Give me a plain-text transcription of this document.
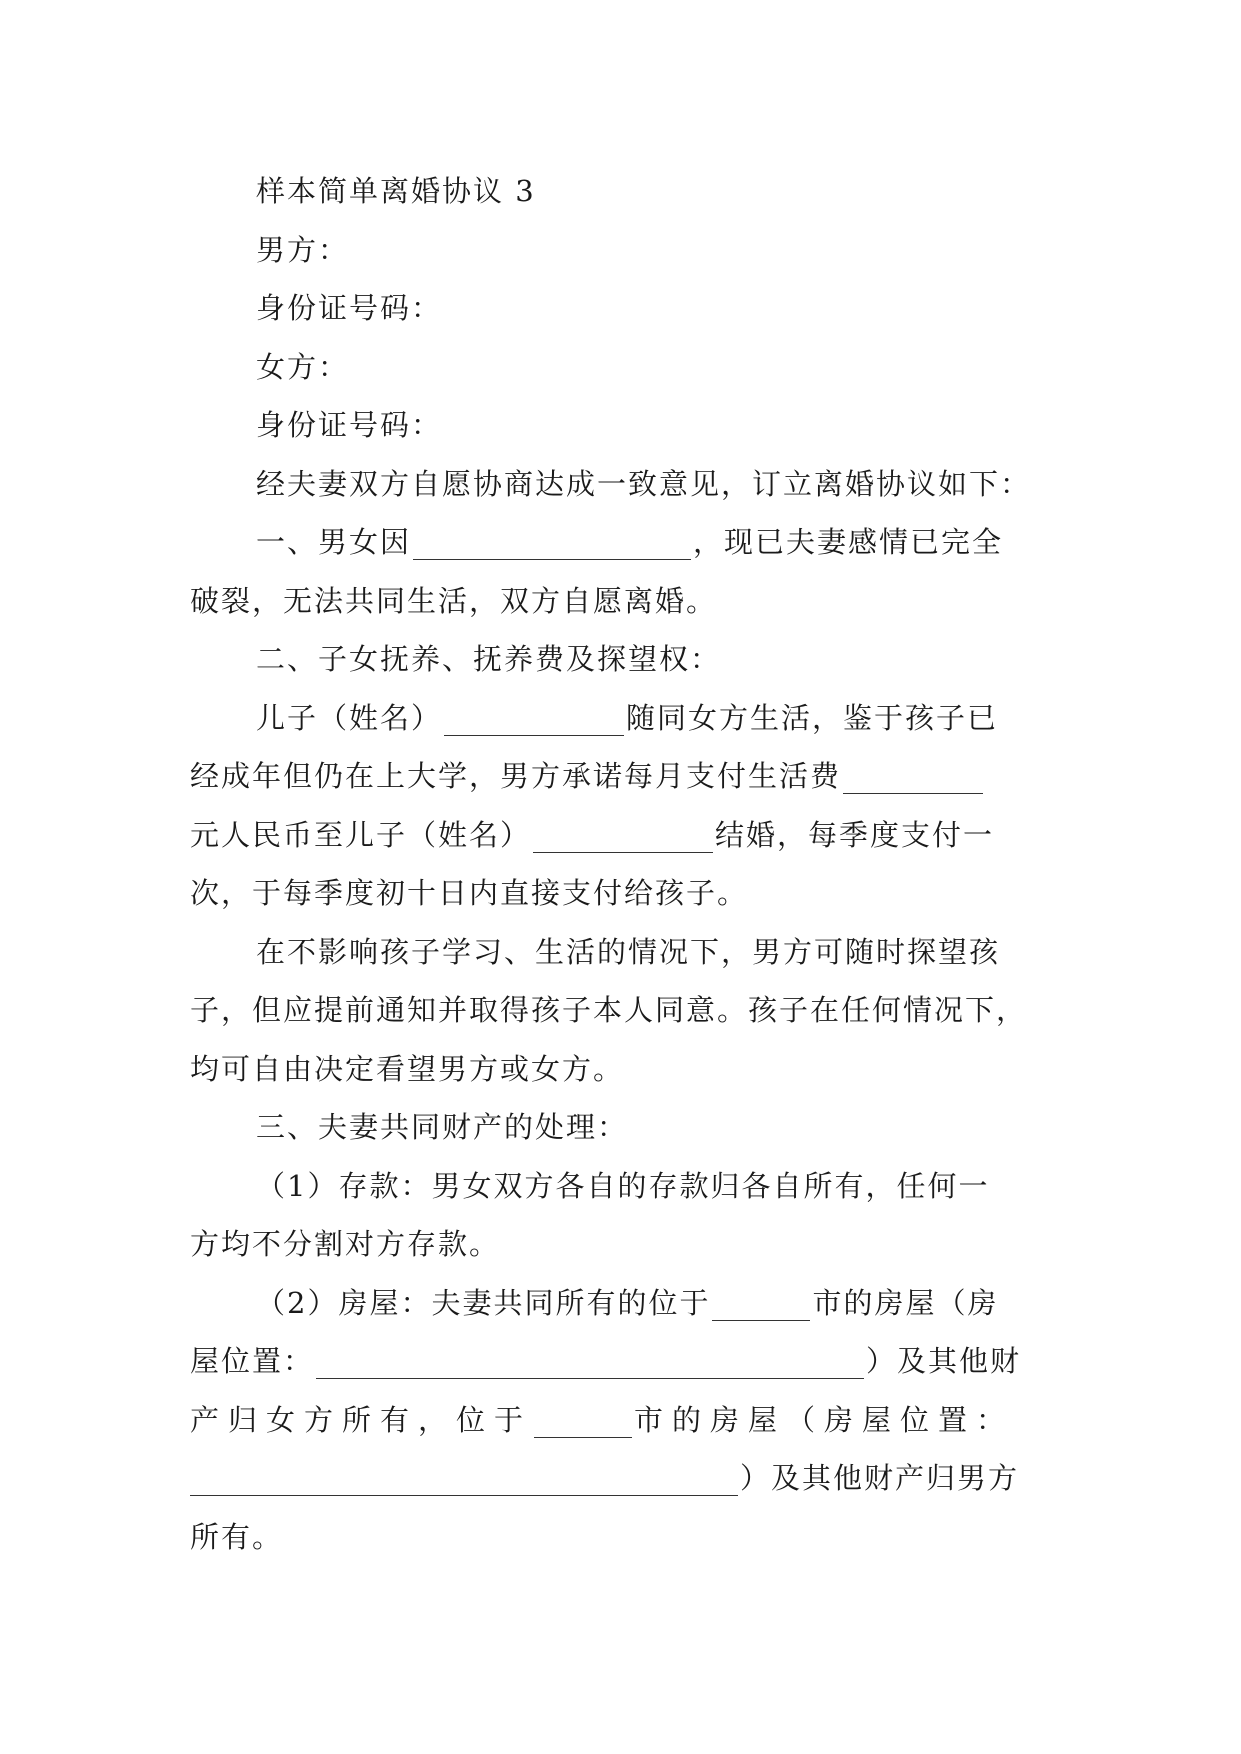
样本简单离婚协议 3
男方：
身份证号码：
女方：
身份证号码：
经夫妻双方自愿协商达成一致意见，订立离婚协议如下：
一、男女因	，现已夫妻感情已完全
破裂，无法共同生活，双方自愿离婚。
二、子女抚养、抚养费及探望权：
儿子（姓名）	随同女方生活，鉴于孩子已
经成年但仍在上大学，男方承诺每月支付生活费
元人民币至儿子（姓名）	结婚，每季度支付一
次，于每季度初十日内直接支付给孩子。
在不影响孩子学习、生活的情况下，男方可随时探望孩
子，但应提前通知并取得孩子本人同意。孩子在任何情况下，
均可自由决定看望男方或女方。
三、夫妻共同财产的处理：
（1）存款：男女双方各自的存款归各自所有，任何一
方均不分割对方存款。
（2）房屋：夫妻共同所有的位于	市的房屋（房
屋位置：	）及其他财
产归女方所有，位于	市的房屋（房屋位置：
）及其他财产归男方
所有。
